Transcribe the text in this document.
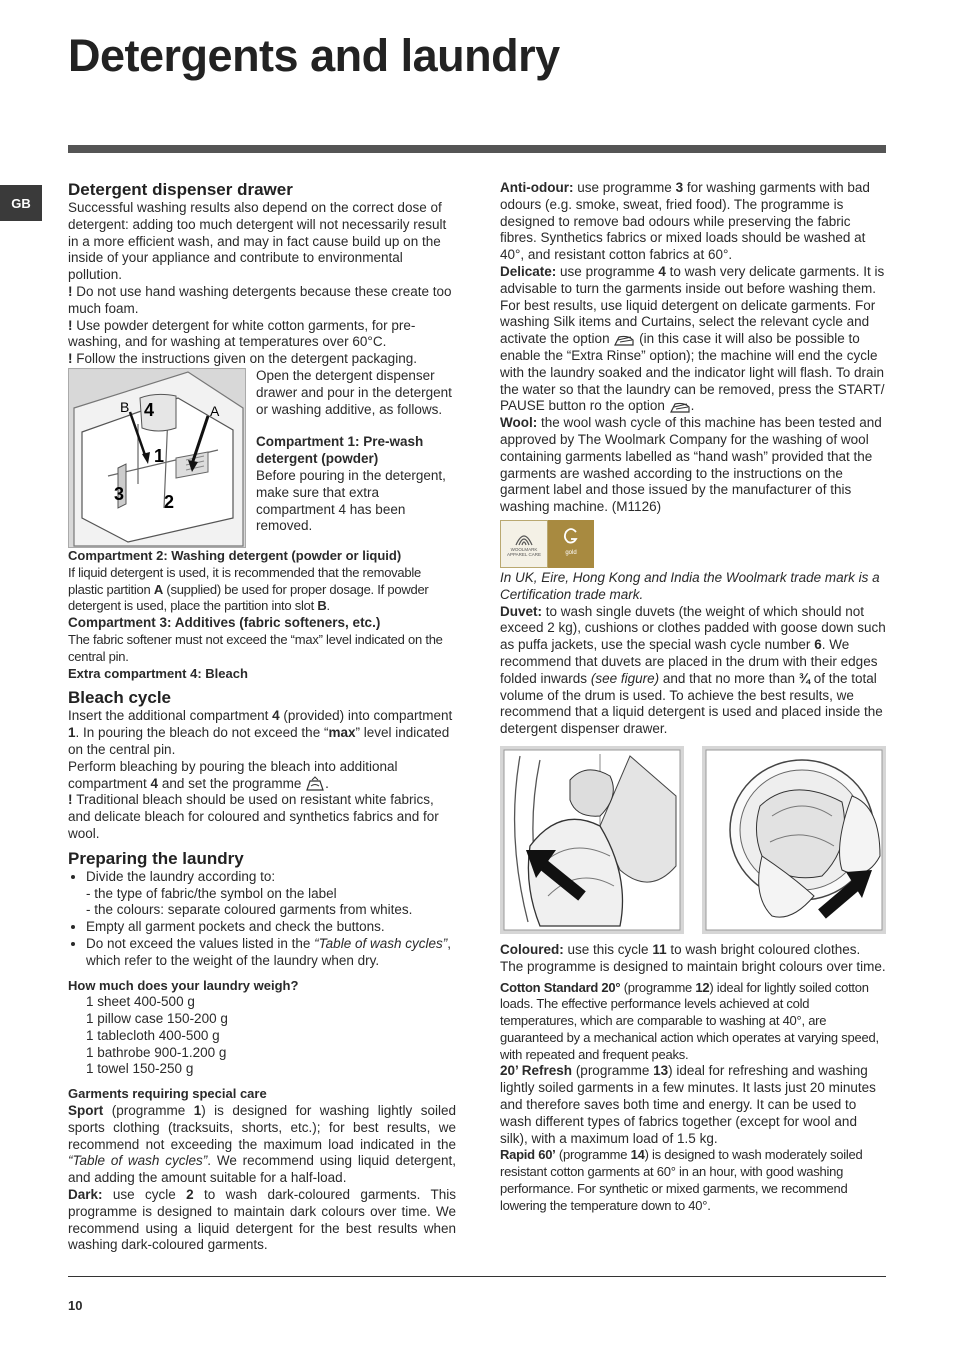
Detergents and laundry
GB
Detergent dispenser drawer

Successful washing results also depend on the correct dose of detergent: adding too much detergent will not necessarily result in a more efficient wash, and may in fact cause build up on the inside of your appliance and contribute to environmental pollution.

! Do not use hand washing detergents because these create too much foam.

! Use powder detergent for white cotton garments, for pre-washing, and for washing at temperatures over 60°C.

! Follow the instructions given on the detergent packaging.

B 4	A
1
3 2

Open the detergent dispenser drawer and pour in the detergent or washing additive, as follows.

Compartment 1: Pre-wash detergent (powder)

Before pouring in the detergent, make sure that extra compartment 4 has been removed.

Compartment 2: Washing detergent (powder or liquid)

If liquid detergent is used, it is recommended that the removable plastic partition A (supplied) be used for proper dosage. If powder detergent is used, place the partition into slot B.

Compartment 3: Additives (fabric softeners, etc.)

The fabric softener must not exceed the “max” level indicated on the central pin.

Extra compartment 4: Bleach

Bleach cycle

Insert the additional compartment 4 (provided) into compartment 1. In pouring the bleach do not exceed the “max” level indicated on the central pin.

Perform bleaching by pouring the bleach into additional compartment 4 and set the programme .

! Traditional bleach should be used on resistant white fabrics, and delicate bleach for coloured and synthetics fabrics and for wool.

Preparing the laundry
• Divide the laundry according to:
- the type of fabric/the symbol on the label
- the colours: separate coloured garments from whites.
• Empty all garment pockets and check the buttons.
• Do not exceed the values listed in the “Table of wash cycles”, which refer to the weight of the laundry when dry.

How much does your laundry weigh?

1 sheet 400-500 g
1 pillow case 150-200 g
1 tablecloth 400-500 g
1 bathrobe 900-1.200 g
1 towel 150-250 g

Garments requiring special care

Sport (programme 1) is designed for washing lightly soiled sports clothing (tracksuits, shorts, etc.); for best results, we recommend not exceeding the maximum load indicated in the “Table of wash cycles”. We recommend using liquid detergent, and adding the amount suitable for a half-load.

Dark: use cycle 2 to wash dark-coloured garments. This programme is designed to maintain dark colours over time. We recommend using a liquid detergent for the best results when washing dark-coloured garments.

Anti-odour: use programme 3 for washing garments with bad odours (e.g. smoke, sweat, fried food). The programme is designed to remove bad odours while preserving the fabric fibres. Synthetics fabrics or mixed loads should be washed at 40°, and resistant cotton fabrics at 60°.

Delicate: use programme 4 to wash very delicate garments. It is advisable to turn the garments inside out before washing them. For best results, use liquid detergent on delicate garments. For washing Silk items and Curtains, select the relevant cycle and activate the option (in this case it will also be possible to enable the “Extra Rinse” option); the machine will end the cycle with the laundry soaked and the indicator light will flash. To drain the water so that the laundry can be removed, press the START/ PAUSE button ro the option .

Wool: the wool wash cycle of this machine has been tested and approved by The Woolmark Company for the washing of wool containing garments labelled as “hand wash” provided that the garments are washed according to the instructions on the garment label and those issued by the manufacturer of this washing machine. (M1126)

WOOLMARK
APPAREL CARE	gold

In UK, Eire, Hong Kong and India the Woolmark trade mark is a Certification trade mark.

Duvet: to wash single duvets (the weight of which should not exceed 2 kg), cushions or clothes padded with goose down such as puffa jackets, use the special wash cycle number 6. We recommend that duvets are placed in the drum with their edges folded inwards (see figure) and that no more than ¾ of the total volume of the drum is used. To achieve the best results, we recommend that a liquid detergent is used and placed inside the detergent dispenser drawer.

Coloured: use this cycle 11 to wash bright coloured clothes. The programme is designed to maintain bright colours over time.

Cotton Standard 20° (programme 12) ideal for lightly soiled cotton loads. The effective performance levels achieved at cold temperatures, which are comparable to washing at 40°, are guaranteed by a mechanical action which operates at varying speed, with repeated and frequent peaks.

20’ Refresh (programme 13) ideal for refreshing and washing lightly soiled garments in a few minutes. It lasts just 20 minutes and therefore saves both time and energy. It can be used to wash different types of fabrics together (except for wool and silk), with a maximum load of 1.5 kg.

Rapid 60’ (programme 14) is designed to wash moderately soiled resistant cotton garments at 60° in an hour, with good washing performance. For synthetic or mixed garments, we recommend lowering the temperature down to 40°.

10
